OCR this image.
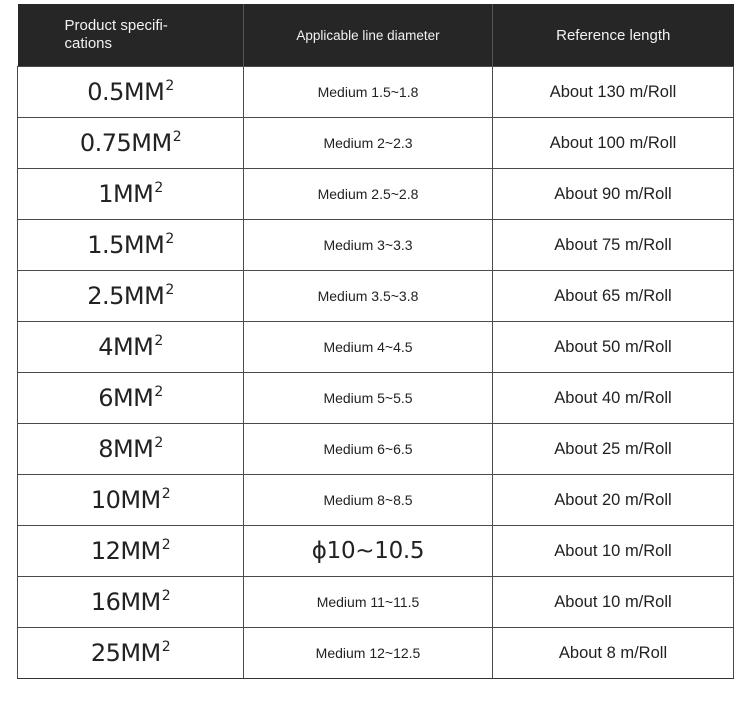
Product specifi- cations	Applicable line diameter	Reference length
$0.5MM^2$	Medium 1.5~1.8	About 130 m/Roll
$0.75MM^2$	Medium 2~2.3	About 100 m/Roll
$1MM^2$	Medium 2.5~2.8	About 90 m/Roll
$1.5MM^2$	Medium 3~3.3	About 75 m/Roll
$2.5MM^2$	Medium 3.5~3.8	About 65 m/Roll
$4MM^2$	Medium 4~4.5	About 50 m/Roll
$6MM^2$	Medium 5~5.5	About 40 m/Roll
$8MM^2$	Medium 6~6.5	About 25 m/Roll
$10MM^2$	Medium 8~8.5	About 20 m/Roll
$12MM^2$	ϕ10~10.5	About 10 m/Roll
$16MM^2$	Medium 11~11.5	About 10 m/Roll
$25MM^2$	Medium 12~12.5	About 8 m/Roll
